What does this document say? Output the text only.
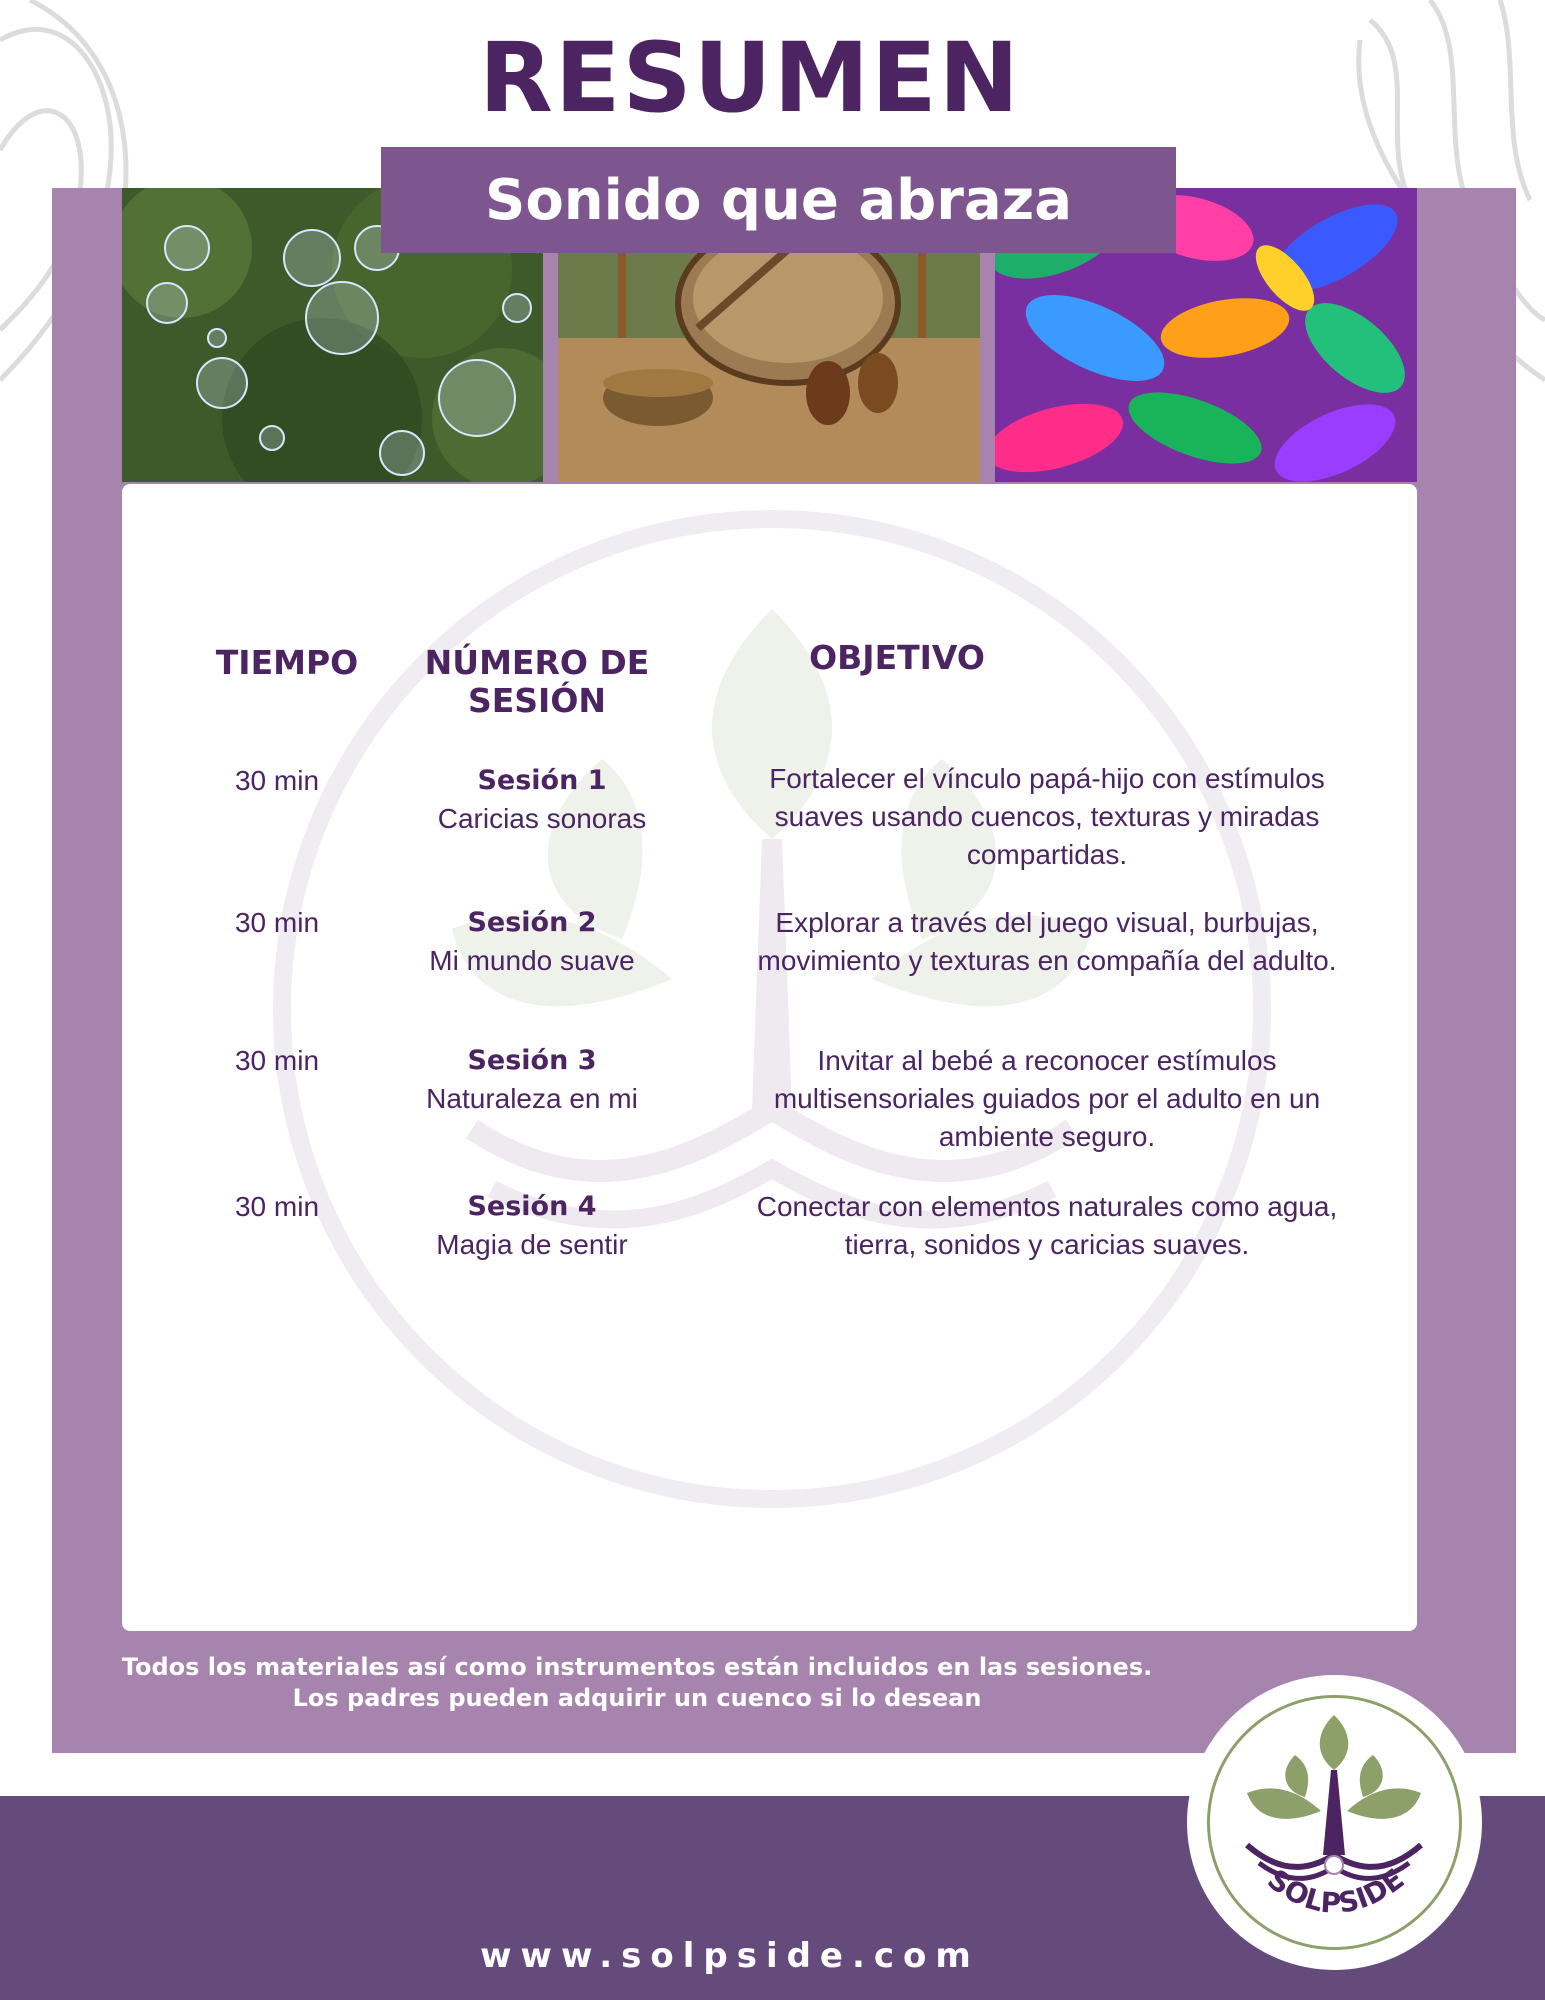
RESUMEN
Sonido que abraza
TIEMPO	NÚMERO DE
SESIÓN
OBJETIVO
30 min	Sesión 1
Caricias sonoras
Fortalecer el vínculo papá-hijo con estímulos
suaves usando cuencos, texturas y miradas
compartidas.
30 min	Sesión 2
Mi mundo suave
Explorar a través del juego visual, burbujas,
movimiento y texturas en compañía del adulto.
30 min	Sesión 3
Naturaleza en mi
Invitar al bebé a reconocer estímulos
multisensoriales guiados por el adulto en un
ambiente seguro.
30 min	Sesión 4
Magia de sentir
Conectar con elementos naturales como agua,
tierra, sonidos y caricias suaves.
Todos los materiales así como instrumentos están incluidos en las sesiones.
Los padres pueden adquirir un cuenco si lo desean
www.solpside.com
SOLPSIDE
